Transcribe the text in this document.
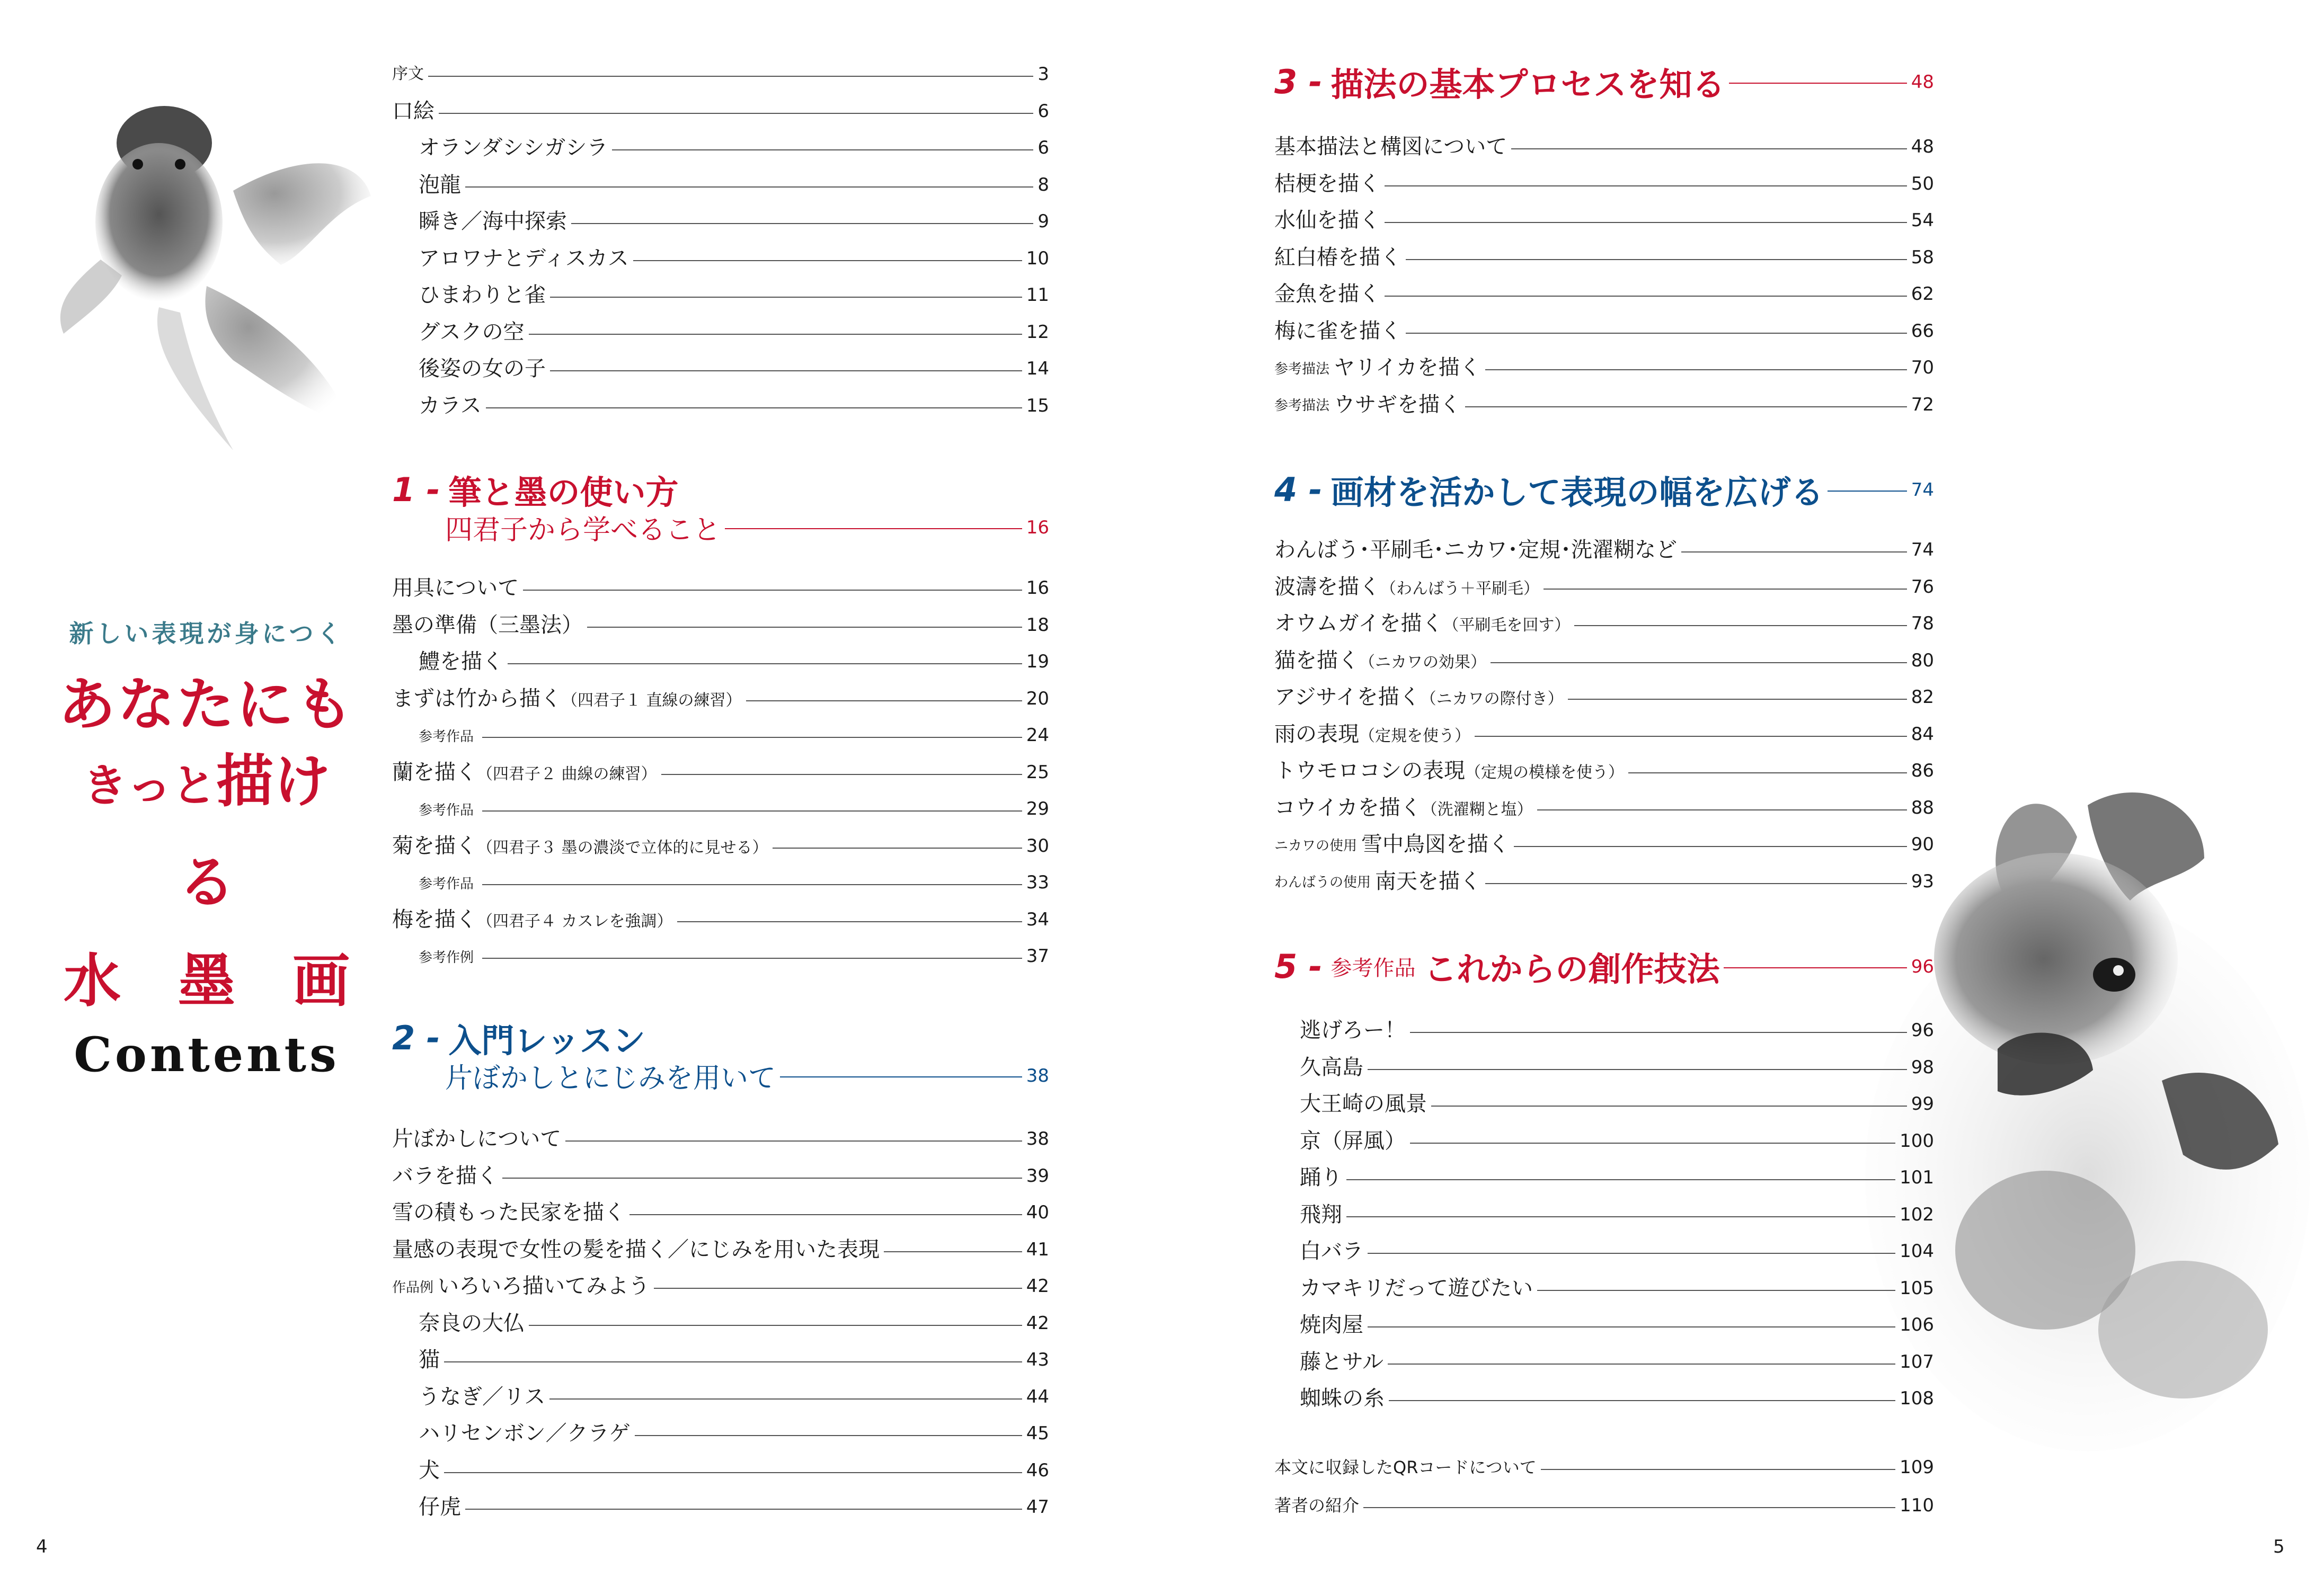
新しい表現が身につく
あなたにも
きっと描ける
水　墨　画
Contents
序文	3
口絵	6
オランダシシガシラ	6
泡龍	8
瞬き／海中探索	9
アロワナとディスカス	10
ひまわりと雀	11
グスクの空	12
後姿の女の子	14
カラス	15
1 - 筆と墨の使い方
四君子から学べること	16
用具について	16
墨の準備（三墨法）	18
鱧を描く	19
まずは竹から描く （四君子１ 直線の練習）	20
参考作品	24
蘭を描く （四君子２ 曲線の練習）	25
参考作品	29
菊を描く （四君子３ 墨の濃淡で立体的に見せる）	30
参考作品	33
梅を描く （四君子４ カスレを強調）	34
参考作例	37
2 - 入門レッスン
片ぼかしとにじみを用いて	38
片ぼかしについて	38
バラを描く	39
雪の積もった民家を描く	40
量感の表現で女性の髪を描く／にじみを用いた表現	41
作品例 いろいろ描いてみよう	42
奈良の大仏	42
猫	43
うなぎ／リス	44
ハリセンボン／クラゲ	45
犬	46
仔虎	47
4
3 - 描法の基本プロセスを知る	48
基本描法と構図について	48
桔梗を描く	50
水仙を描く	54
紅白椿を描く	58
金魚を描く	62
梅に雀を描く	66
参考描法 ヤリイカを描く	70
参考描法 ウサギを描く	72
4 - 画材を活かして表現の幅を広げる	74
わんばう･平刷毛･ニカワ･定規･洗濯糊など	74
波濤を描く （わんばう＋平刷毛）	76
オウムガイを描く （平刷毛を回す）	78
猫を描く （ニカワの効果）	80
アジサイを描く （ニカワの際付き）	82
雨の表現 （定規を使う）	84
トウモロコシの表現 （定規の模様を使う）	86
コウイカを描く （洗濯糊と塩）	88
ニカワの使用 雪中鳥図を描く	90
わんばうの使用 南天を描く	93
5 - 参考作品 これからの創作技法	96
逃げろー！	96
久高島	98
大王崎の風景	99
京（屏風）	100
踊り	101
飛翔	102
白バラ	104
カマキリだって遊びたい	105
焼肉屋	106
藤とサル	107
蜘蛛の糸	108
本文に収録したQRコードについて	109
著者の紹介	110
5
